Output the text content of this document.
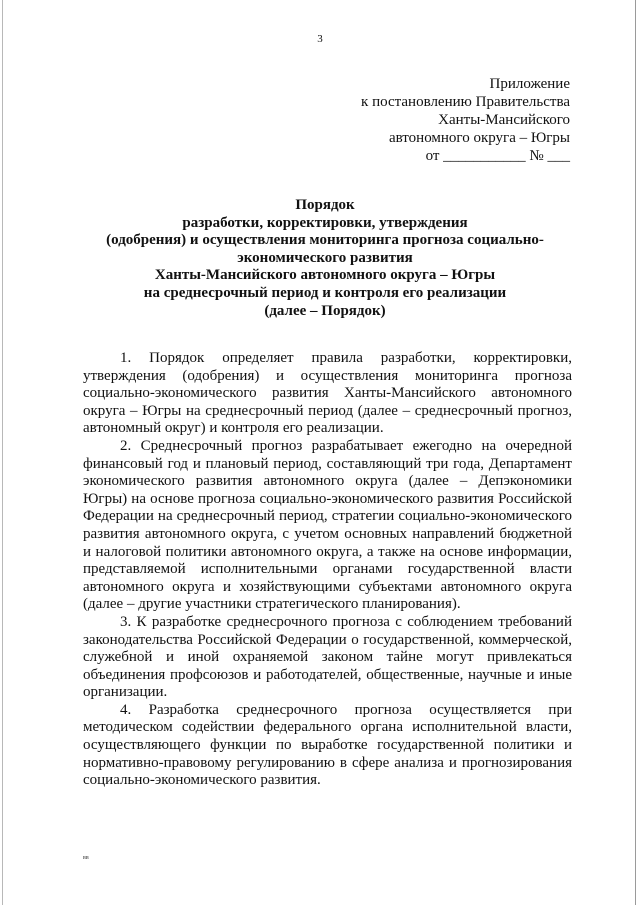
3
Приложение
к постановлению Правительства
Ханты-Мансийского
автономного округа – Югры
от ___________ № ___
Порядок
разработки, корректировки, утверждения
(одобрения) и осуществления мониторинга прогноза социально-
экономического развития
Ханты-Мансийского автономного округа – Югры
на среднесрочный период и контроля его реализации
(далее – Порядок)

1. Порядок определяет правила разработки, корректировки, утверждения (одобрения) и осуществления мониторинга прогноза социально-экономического развития Ханты-Мансийского автономного округа – Югры на среднесрочный период (далее – среднесрочный прогноз, автономный округ) и контроля его реализации.

2. Среднесрочный прогноз разрабатывает ежегодно на очередной финансовый год и плановый период, составляющий три года, Департамент экономического развития автономного округа (далее – Депэкономики Югры) на основе прогноза социально-экономического развития Российской Федерации на среднесрочный период, стратегии социально-экономического развития автономного округа, с учетом основных направлений бюджетной и налоговой политики автономного округа, а также на основе информации, представляемой исполнительными органами государственной власти автономного округа и хозяйствующими субъектами автономного округа (далее – другие участники стратегического планирования).

3. К разработке среднесрочного прогноза с соблюдением требований законодательства Российской Федерации о государственной, коммерческой, служебной и иной охраняемой законом тайне могут привлекаться объединения профсоюзов и работодателей, общественные, научные и иные организации.

4. Разработка среднесрочного прогноза осуществляется при методическом содействии федерального органа исполнительной власти, осуществляющего функции по выработке государственной политики и нормативно-правовому регулированию в сфере анализа и прогнозирования социально-экономического развития.

вв
